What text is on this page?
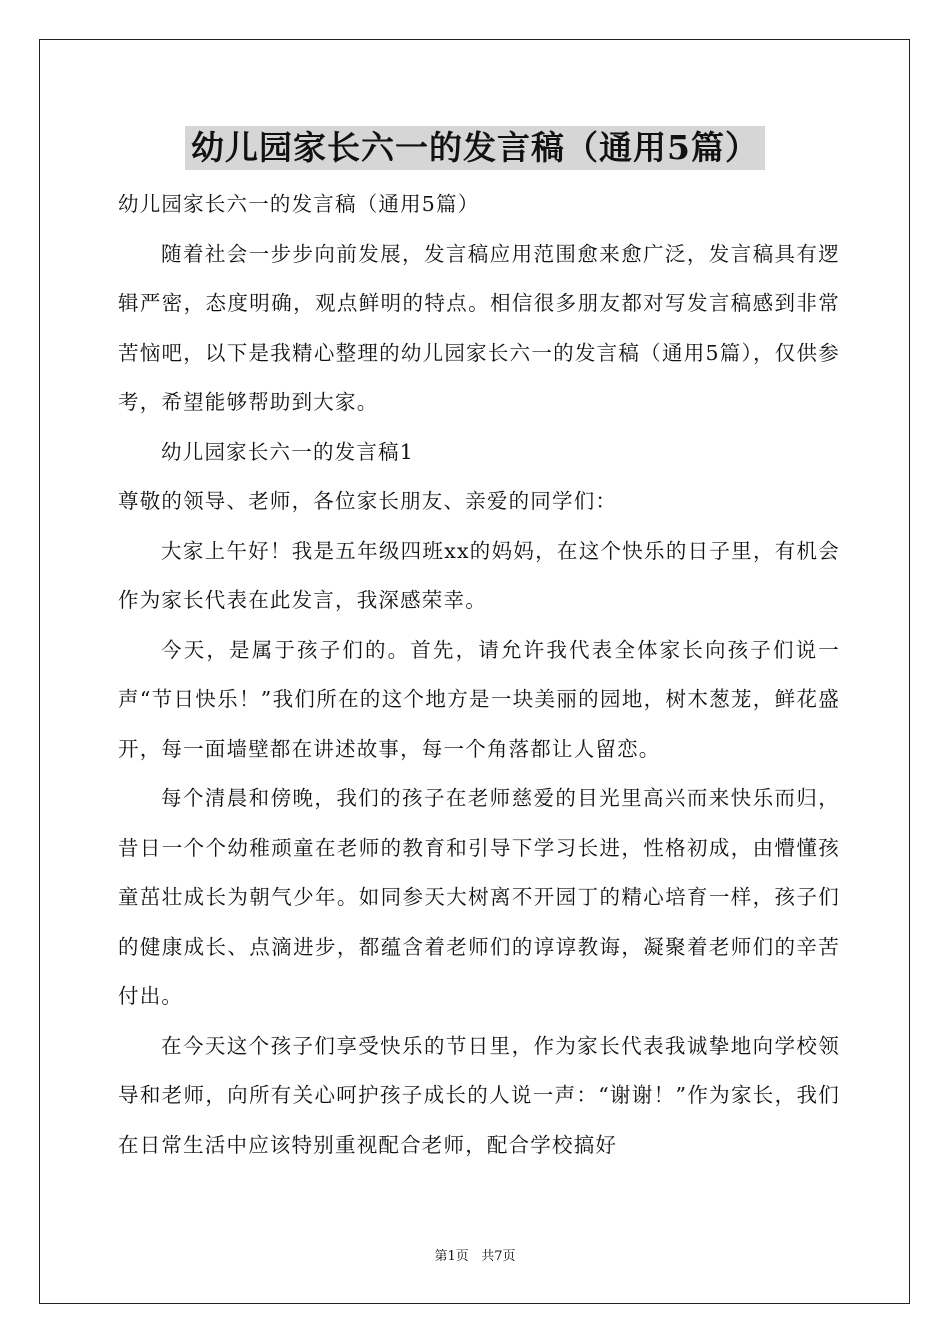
幼儿园家长六一的发言稿（通用5篇）

幼儿园家长六一的发言稿（通用5篇）

随着社会一步步向前发展，发言稿应用范围愈来愈广泛，发言稿具有逻辑严密，态度明确，观点鲜明的特点。相信很多朋友都对写发言稿感到非常苦恼吧，以下是我精心整理的幼儿园家长六一的发言稿（通用5篇），仅供参考，希望能够帮助到大家。

幼儿园家长六一的发言稿1

尊敬的领导、老师，各位家长朋友、亲爱的同学们：

大家上午好！我是五年级四班xx的妈妈，在这个快乐的日子里，有机会作为家长代表在此发言，我深感荣幸。

今天，是属于孩子们的。首先，请允许我代表全体家长向孩子们说一声“节日快乐！”我们所在的这个地方是一块美丽的园地，树木葱茏，鲜花盛开，每一面墙壁都在讲述故事，每一个角落都让人留恋。

每个清晨和傍晚，我们的孩子在老师慈爱的目光里高兴而来快乐而归，昔日一个个幼稚顽童在老师的教育和引导下学习长进，性格初成，由懵懂孩童茁壮成长为朝气少年。如同参天大树离不开园丁的精心培育一样，孩子们的健康成长、点滴进步，都蕴含着老师们的谆谆教诲，凝聚着老师们的辛苦付出。

在今天这个孩子们享受快乐的节日里，作为家长代表我诚挚地向学校领导和老师，向所有关心呵护孩子成长的人说一声：“谢谢！”作为家长，我们在日常生活中应该特别重视配合老师，配合学校搞好

第1页 共7页
